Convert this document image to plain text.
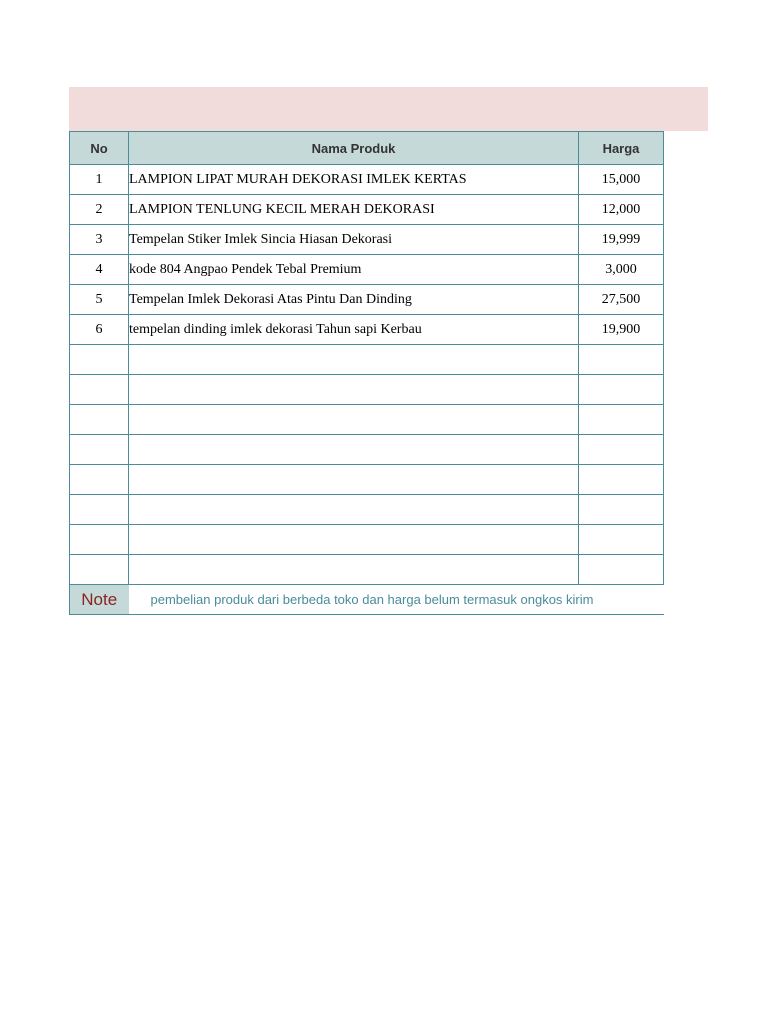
No	Nama Produk	Harga
1	LAMPION LIPAT MURAH DEKORASI IMLEK KERTAS	15,000
2	LAMPION TENLUNG KECIL MERAH DEKORASI	12,000
3	Tempelan Stiker Imlek Sincia Hiasan Dekorasi	19,999
4	kode 804 Angpao Pendek Tebal Premium	3,000
5	Tempelan Imlek Dekorasi Atas Pintu Dan Dinding	27,500
6	tempelan dinding imlek dekorasi Tahun sapi Kerbau	19,900

Note	pembelian produk dari berbeda toko dan harga belum termasuk ongkos kirim	
